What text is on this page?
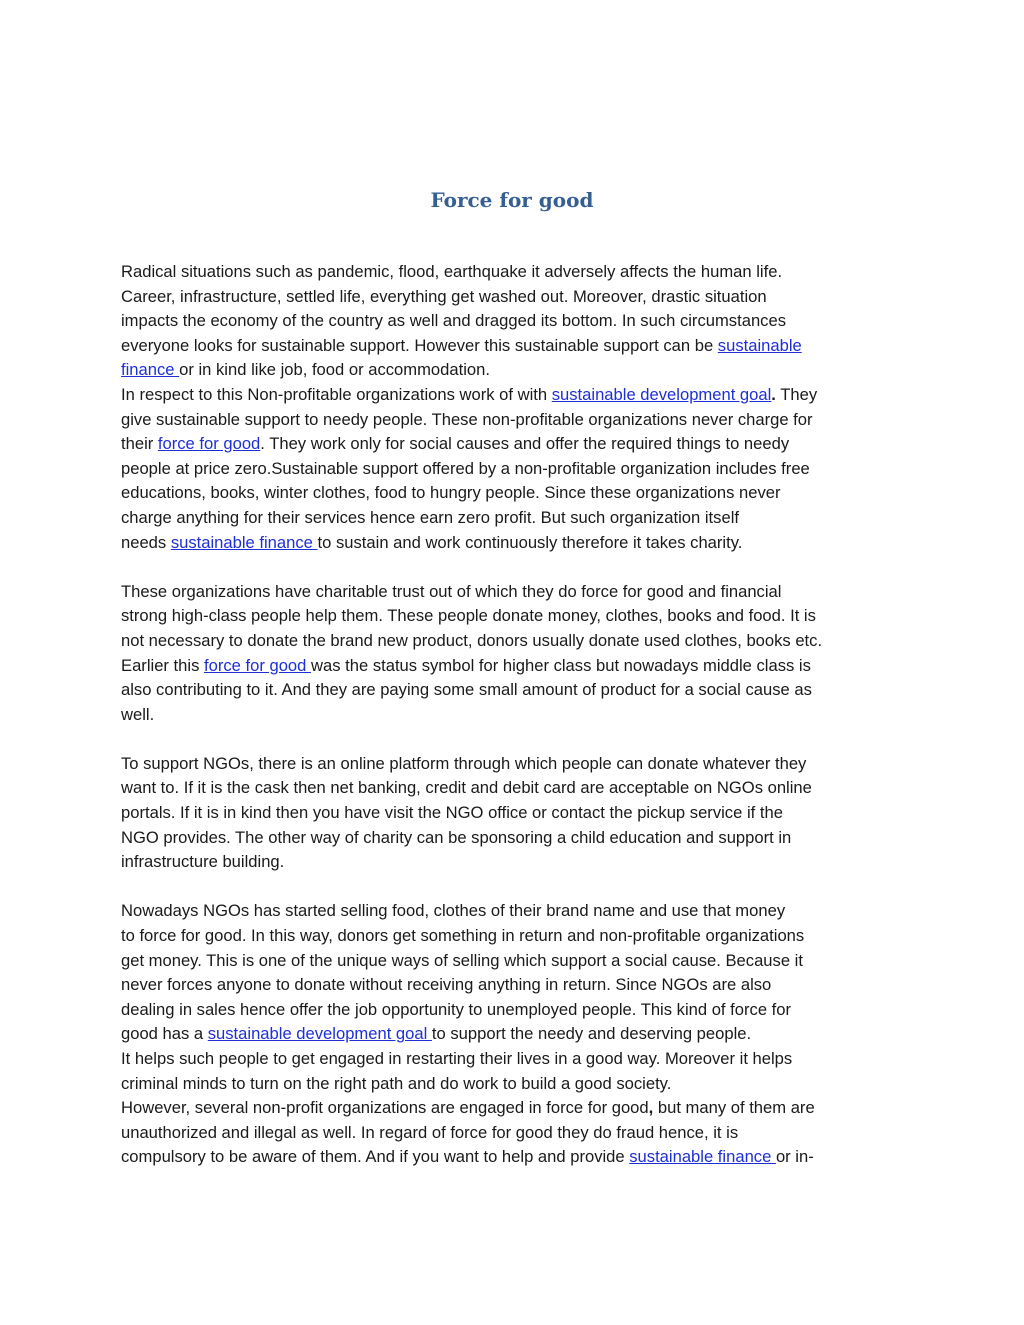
Force for good
Radical situations such as pandemic, flood, earthquake it adversely affects the human life.
Career, infrastructure, settled life, everything get washed out. Moreover, drastic situation
impacts the economy of the country as well and dragged its bottom. In such circumstances
everyone looks for sustainable support. However this sustainable support can be sustainable
finance or in kind like job, food or accommodation.
In respect to this Non-profitable organizations work of with sustainable development goal. They
give sustainable support to needy people. These non-profitable organizations never charge for
their force for good. They work only for social causes and offer the required things to needy
people at price zero.Sustainable support offered by a non-profitable organization includes free
educations, books, winter clothes, food to hungry people. Since these organizations never
charge anything for their services hence earn zero profit. But such organization itself
needs sustainable finance to sustain and work continuously therefore it takes charity.
These organizations have charitable trust out of which they do force for good and financial
strong high-class people help them. These people donate money, clothes, books and food. It is
not necessary to donate the brand new product, donors usually donate used clothes, books etc.
Earlier this force for good was the status symbol for higher class but nowadays middle class is
also contributing to it. And they are paying some small amount of product for a social cause as
well.
To support NGOs, there is an online platform through which people can donate whatever they
want to. If it is the cask then net banking, credit and debit card are acceptable on NGOs online
portals. If it is in kind then you have visit the NGO office or contact the pickup service if the
NGO provides. The other way of charity can be sponsoring a child education and support in
infrastructure building.
Nowadays NGOs has started selling food, clothes of their brand name and use that money
to force for good. In this way, donors get something in return and non-profitable organizations
get money. This is one of the unique ways of selling which support a social cause. Because it
never forces anyone to donate without receiving anything in return. Since NGOs are also
dealing in sales hence offer the job opportunity to unemployed people. This kind of force for
good has a sustainable development goal to support the needy and deserving people.
It helps such people to get engaged in restarting their lives in a good way. Moreover it helps
criminal minds to turn on the right path and do work to build a good society.
However, several non-profit organizations are engaged in force for good, but many of them are
unauthorized and illegal as well. In regard of force for good they do fraud hence, it is
compulsory to be aware of them. And if you want to help and provide sustainable finance or in-
